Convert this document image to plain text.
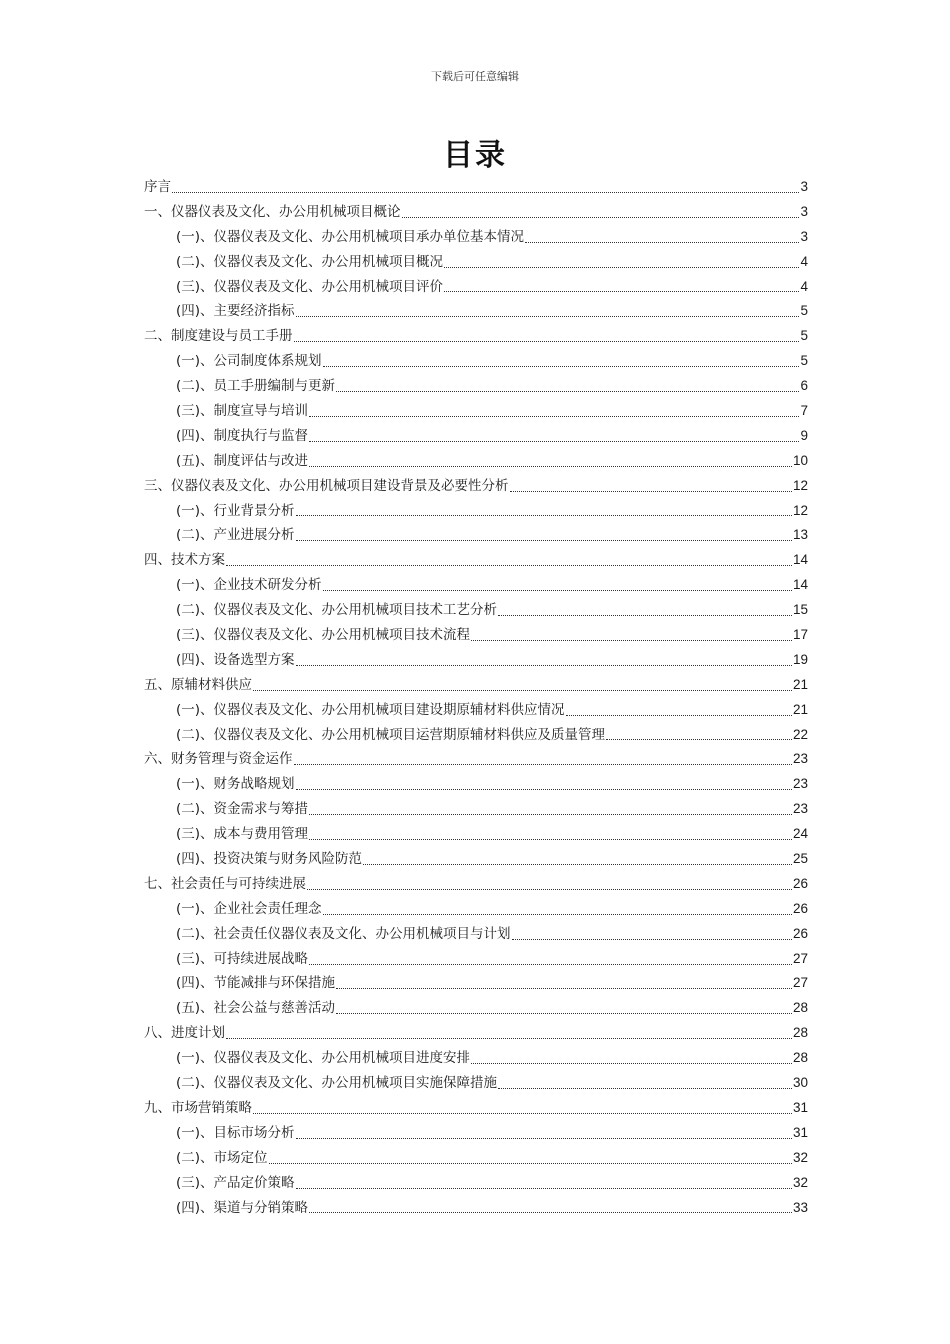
下载后可任意编辑
目录
序言	3
一、仪器仪表及文化、办公用机械项目概论	3
(一)、仪器仪表及文化、办公用机械项目承办单位基本情况	3
(二)、仪器仪表及文化、办公用机械项目概况	4
(三)、仪器仪表及文化、办公用机械项目评价	4
(四)、主要经济指标	5
二、制度建设与员工手册	5
(一)、公司制度体系规划	5
(二)、员工手册编制与更新	6
(三)、制度宣导与培训	7
(四)、制度执行与监督	9
(五)、制度评估与改进	10
三、仪器仪表及文化、办公用机械项目建设背景及必要性分析	12
(一)、行业背景分析	12
(二)、产业进展分析	13
四、技术方案	14
(一)、企业技术研发分析	14
(二)、仪器仪表及文化、办公用机械项目技术工艺分析	15
(三)、仪器仪表及文化、办公用机械项目技术流程	17
(四)、设备选型方案	19
五、原辅材料供应	21
(一)、仪器仪表及文化、办公用机械项目建设期原辅材料供应情况	21
(二)、仪器仪表及文化、办公用机械项目运营期原辅材料供应及质量管理	22
六、财务管理与资金运作	23
(一)、财务战略规划	23
(二)、资金需求与筹措	23
(三)、成本与费用管理	24
(四)、投资决策与财务风险防范	25
七、社会责任与可持续进展	26
(一)、企业社会责任理念	26
(二)、社会责任仪器仪表及文化、办公用机械项目与计划	26
(三)、可持续进展战略	27
(四)、节能减排与环保措施	27
(五)、社会公益与慈善活动	28
八、进度计划	28
(一)、仪器仪表及文化、办公用机械项目进度安排	28
(二)、仪器仪表及文化、办公用机械项目实施保障措施	30
九、市场营销策略	31
(一)、目标市场分析	31
(二)、市场定位	32
(三)、产品定价策略	32
(四)、渠道与分销策略	33
